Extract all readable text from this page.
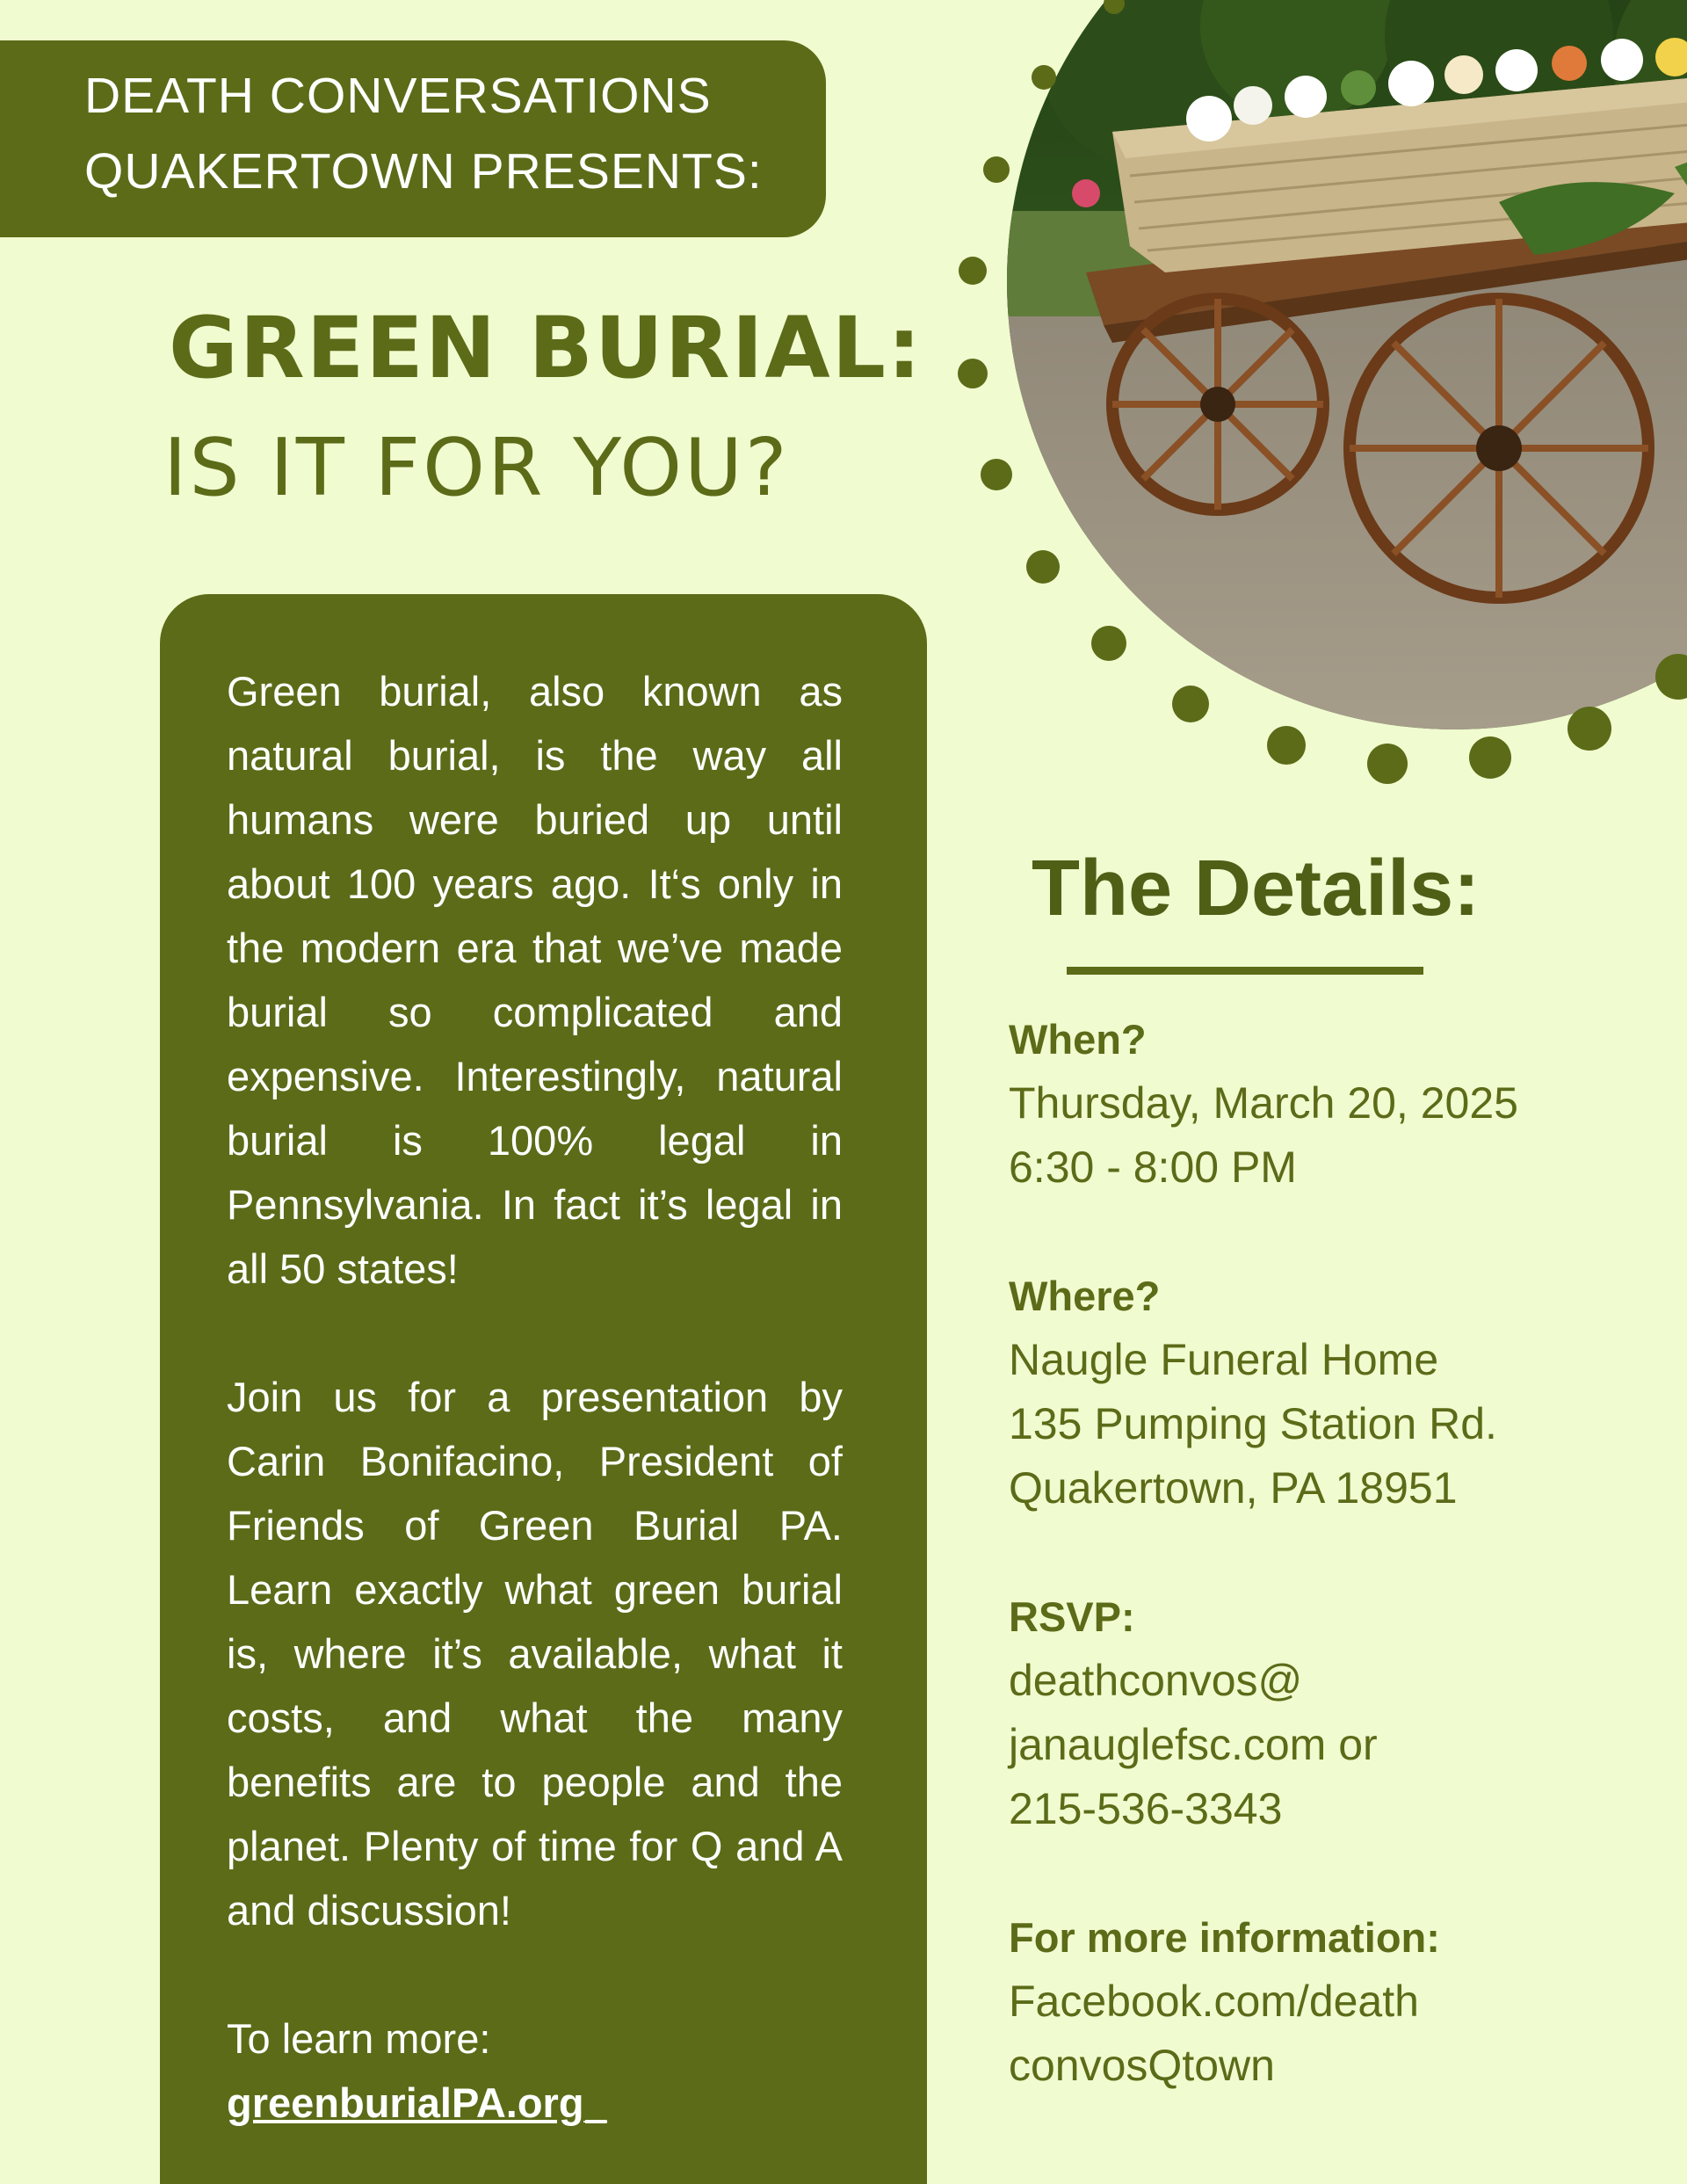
DEATH CONVERSATIONS
QUAKERTOWN PRESENTS:
GREEN BURIAL:
IS IT FOR YOU?

Green burial, also known as natural burial, is the way all humans were buried up until about 100 years ago. It‘s only in the modern era that we’ve made burial so complicated and expensive. Interestingly, natural burial is 100% legal in Pennsylvania. In fact it’s legal in all 50 states!

Join us for a presentation by Carin Bonifacino, President of Friends of Green Burial PA. Learn exactly what green burial is, where it’s available, what it costs, and what the many benefits are to people and the planet. Plenty of time for Q and A and discussion!

To learn more:

greenburialPA.org_
The Details:
When?
Thursday, March 20, 2025
6:30 - 8:00 PM
Where?
Naugle Funeral Home
135 Pumping Station Rd.
Quakertown, PA 18951
RSVP:
deathconvos@
janauglefsc.com or
215-536-3343
For more information:
Facebook.com/death
convosQtown
